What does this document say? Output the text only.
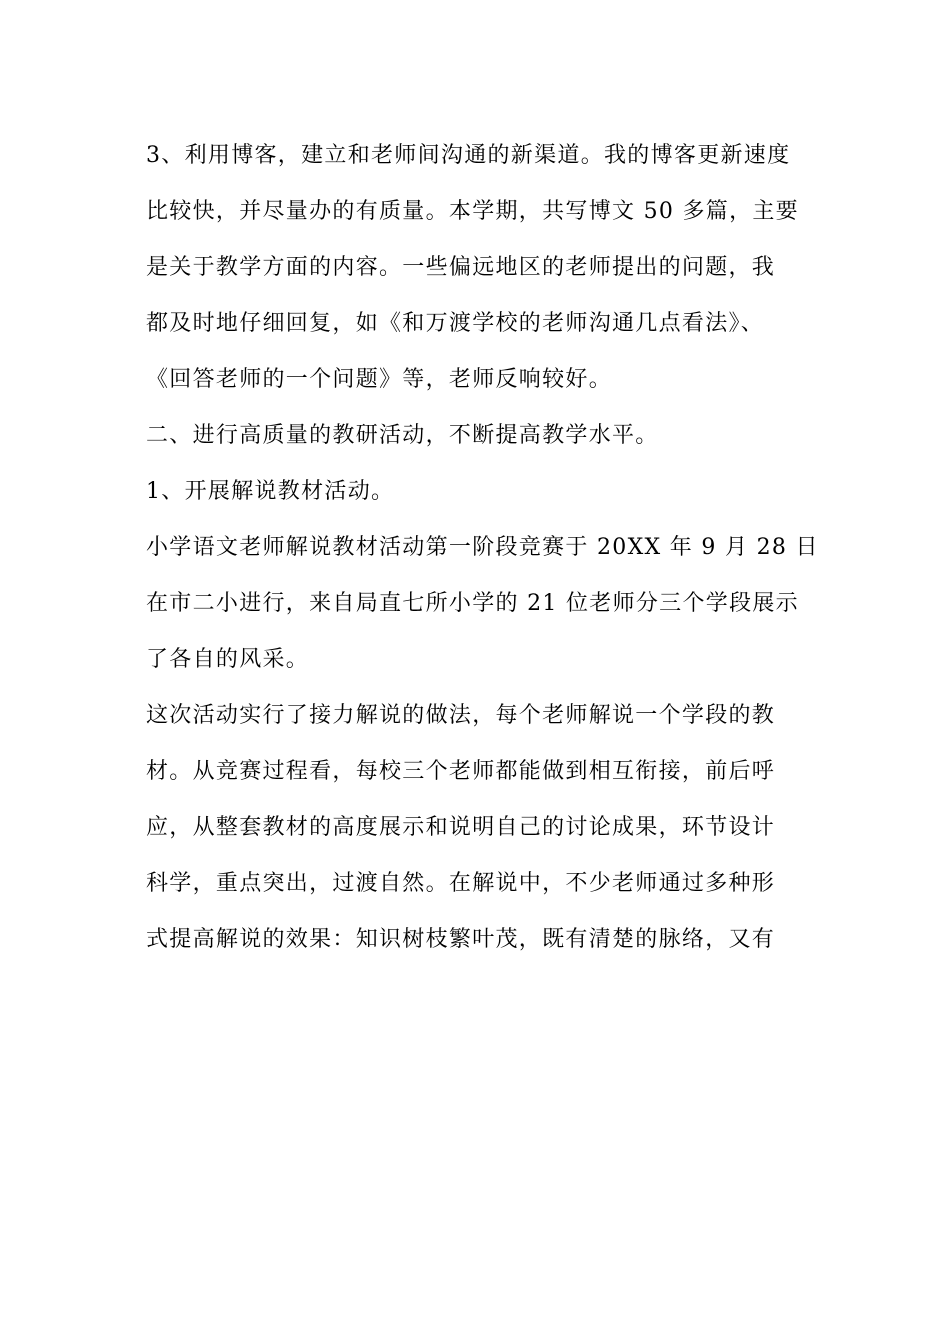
3、利用博客，建立和老师间沟通的新渠道。我的博客更新速度
比较快，并尽量办的有质量。本学期，共写博文 50 多篇，主要
是关于教学方面的内容。一些偏远地区的老师提出的问题，我
都及时地仔细回复，如《和万渡学校的老师沟通几点看法》、
《回答老师的一个问题》等，老师反响较好。
二、进行高质量的教研活动，不断提高教学水平。
1、开展解说教材活动。
小学语文老师解说教材活动第一阶段竞赛于 20XX 年 9 月 28 日
在市二小进行，来自局直七所小学的 21 位老师分三个学段展示
了各自的风采。
这次活动实行了接力解说的做法，每个老师解说一个学段的教
材。从竞赛过程看，每校三个老师都能做到相互衔接，前后呼
应，从整套教材的高度展示和说明自己的讨论成果，环节设计
科学，重点突出，过渡自然。在解说中，不少老师通过多种形
式提高解说的效果：知识树枝繁叶茂，既有清楚的脉络，又有
